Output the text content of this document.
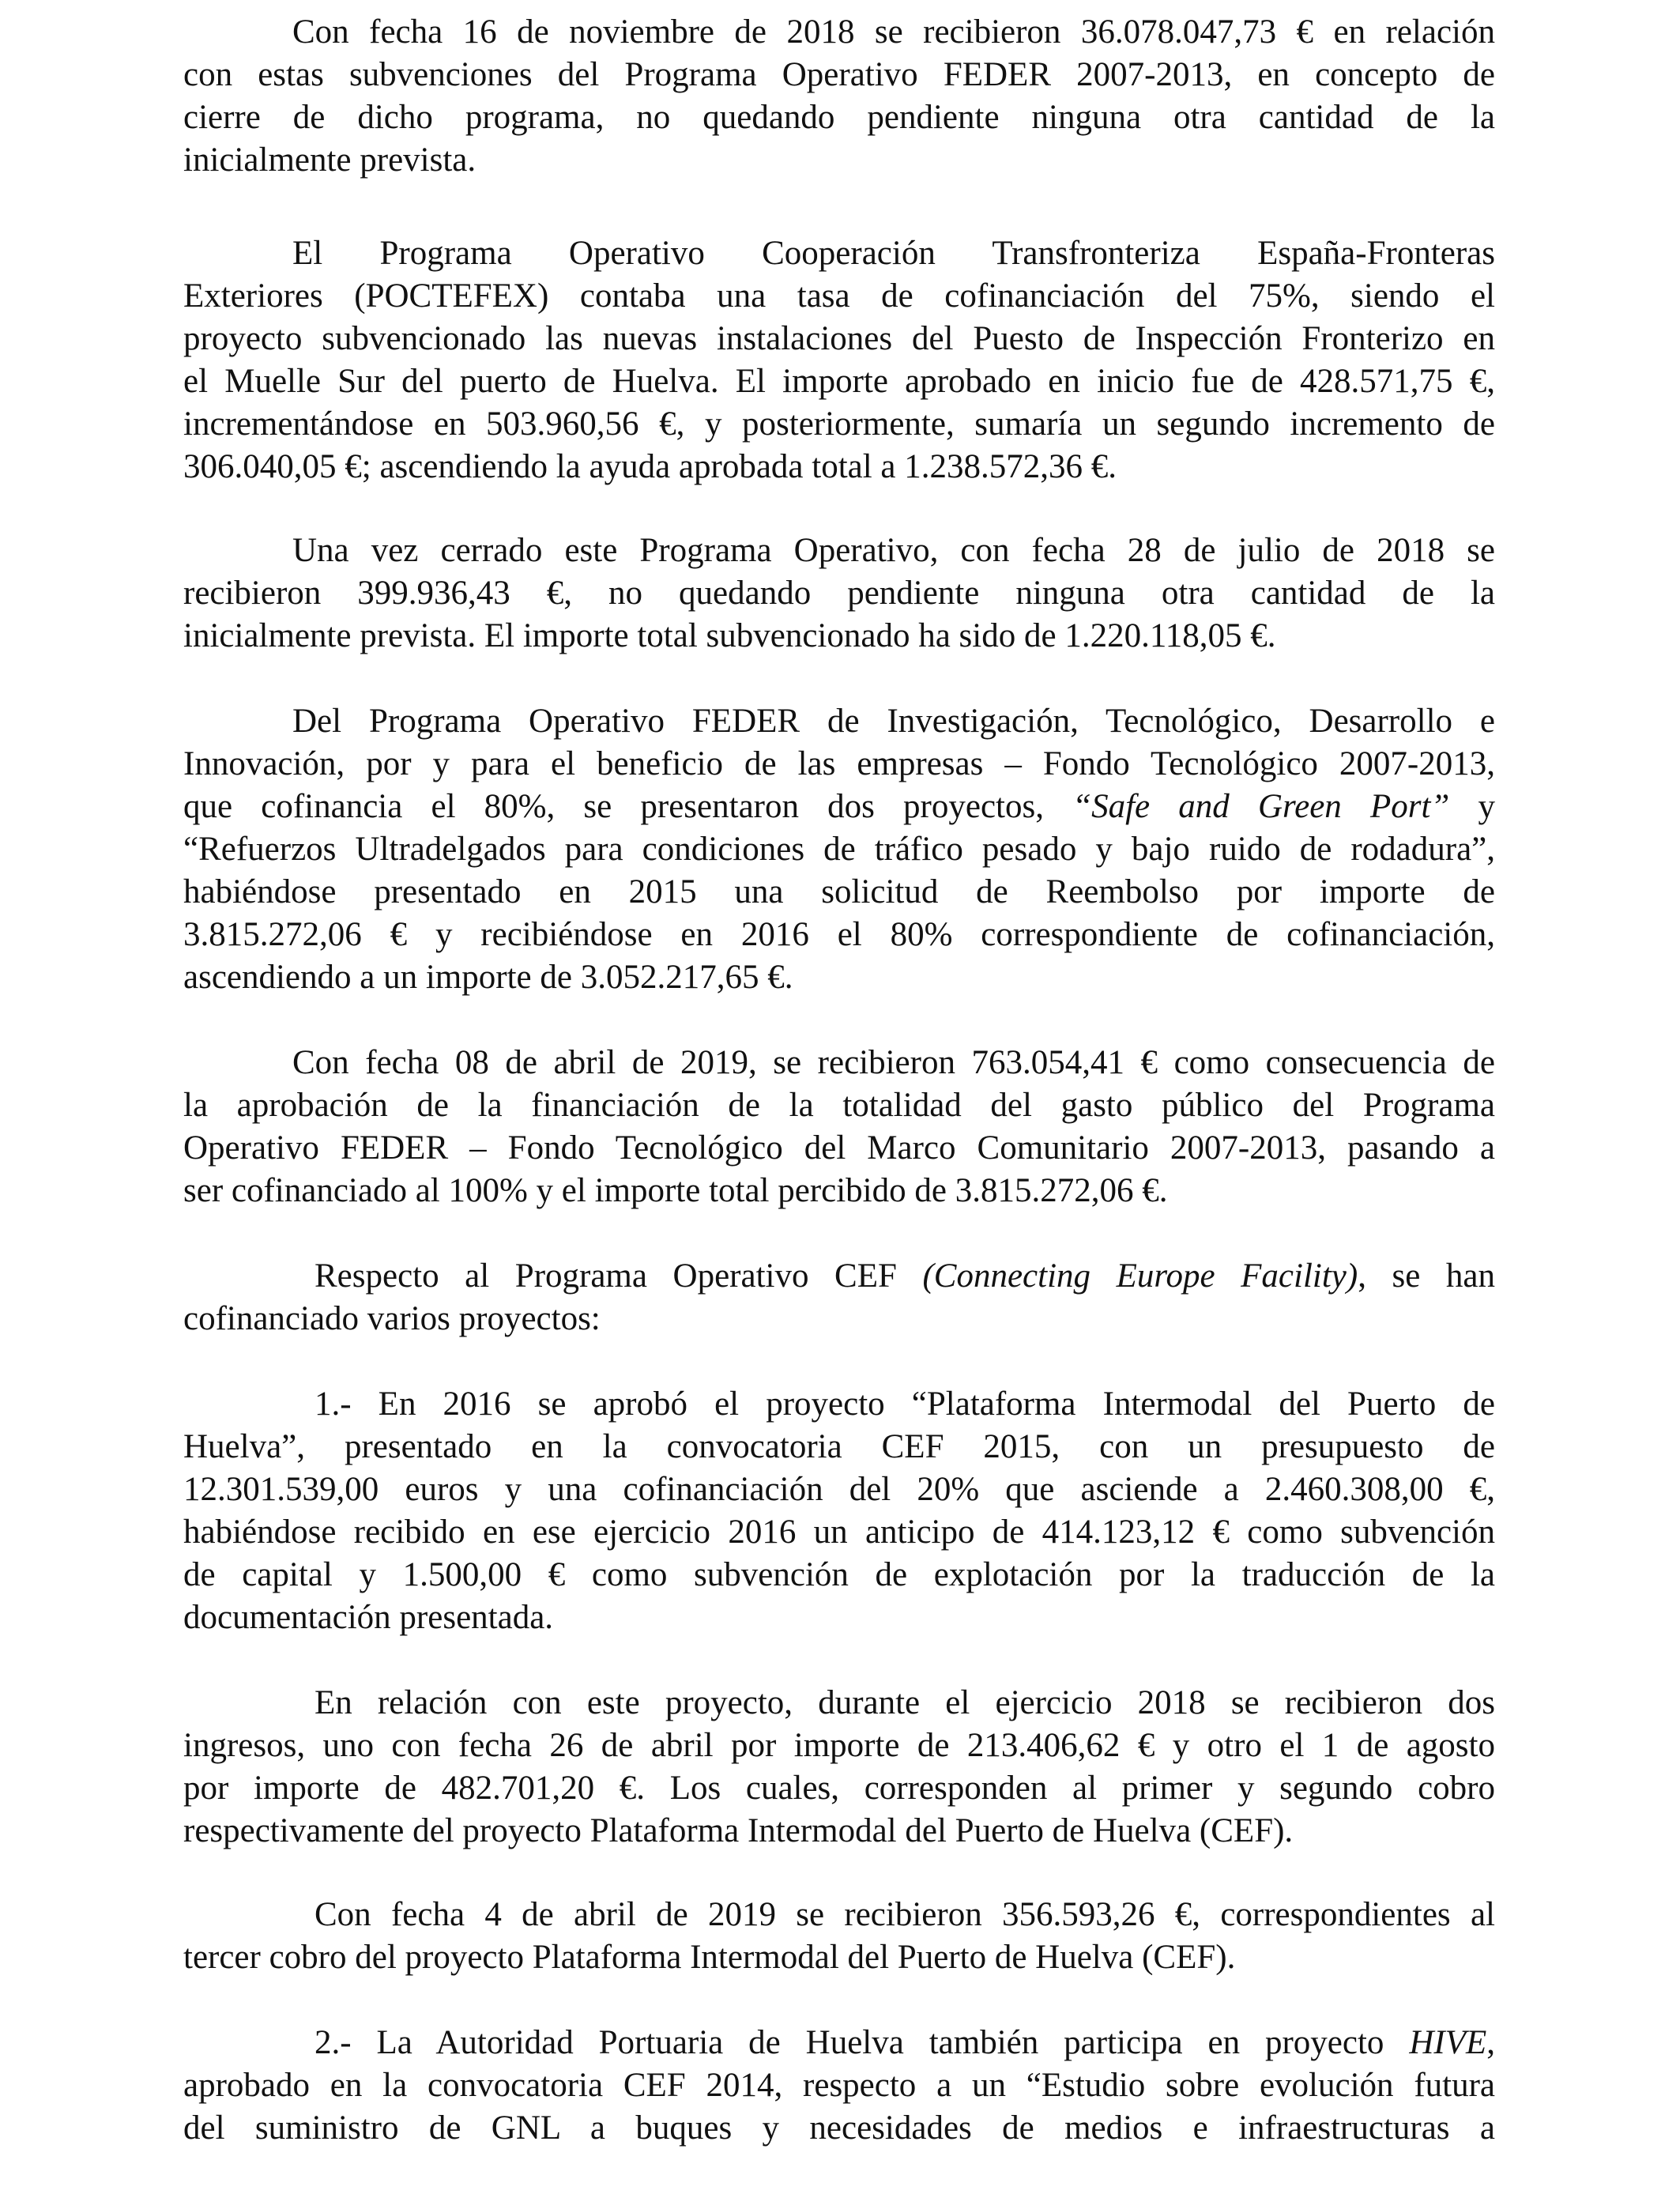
Con fecha 16 de noviembre de 2018 se recibieron 36.078.047,73 € en relación
con estas subvenciones del Programa Operativo FEDER 2007-2013, en concepto de
cierre de dicho programa, no quedando pendiente ninguna otra cantidad de la
inicialmente prevista.
El Programa Operativo Cooperación Transfronteriza España-Fronteras
Exteriores (POCTEFEX) contaba una tasa de cofinanciación del 75%, siendo el
proyecto subvencionado las nuevas instalaciones del Puesto de Inspección Fronterizo en
el Muelle Sur del puerto de Huelva. El importe aprobado en inicio fue de 428.571,75 €,
incrementándose en 503.960,56 €, y posteriormente, sumaría un segundo incremento de
306.040,05 €; ascendiendo la ayuda aprobada total a 1.238.572,36 €.
Una vez cerrado este Programa Operativo, con fecha 28 de julio de 2018 se
recibieron 399.936,43 €, no quedando pendiente ninguna otra cantidad de la
inicialmente prevista. El importe total subvencionado ha sido de 1.220.118,05 €.
Del Programa Operativo FEDER de Investigación, Tecnológico, Desarrollo e
Innovación, por y para el beneficio de las empresas – Fondo Tecnológico 2007-2013,
que cofinancia el 80%, se presentaron dos proyectos, “Safe and Green Port” y
“Refuerzos Ultradelgados para condiciones de tráfico pesado y bajo ruido de rodadura”,
habiéndose presentado en 2015 una solicitud de Reembolso por importe de
3.815.272,06 € y recibiéndose en 2016 el 80% correspondiente de cofinanciación,
ascendiendo a un importe de 3.052.217,65 €.
Con fecha 08 de abril de 2019, se recibieron 763.054,41 € como consecuencia de
la aprobación de la financiación de la totalidad del gasto público del Programa
Operativo FEDER – Fondo Tecnológico del Marco Comunitario 2007-2013, pasando a
ser cofinanciado al 100% y el importe total percibido de 3.815.272,06 €.
Respecto al Programa Operativo CEF (Connecting Europe Facility), se han
cofinanciado varios proyectos:
1.- En 2016 se aprobó el proyecto “Plataforma Intermodal del Puerto de
Huelva”, presentado en la convocatoria CEF 2015, con un presupuesto de
12.301.539,00 euros y una cofinanciación del 20% que asciende a 2.460.308,00 €,
habiéndose recibido en ese ejercicio 2016 un anticipo de 414.123,12 € como subvención
de capital y 1.500,00 € como subvención de explotación por la traducción de la
documentación presentada.
En relación con este proyecto, durante el ejercicio 2018 se recibieron dos
ingresos, uno con fecha 26 de abril por importe de 213.406,62 € y otro el 1 de agosto
por importe de 482.701,20 €. Los cuales, corresponden al primer y segundo cobro
respectivamente del proyecto Plataforma Intermodal del Puerto de Huelva (CEF).
Con fecha 4 de abril de 2019 se recibieron 356.593,26 €, correspondientes al
tercer cobro del proyecto Plataforma Intermodal del Puerto de Huelva (CEF).
2.- La Autoridad Portuaria de Huelva también participa en proyecto HIVE,
aprobado en la convocatoria CEF 2014, respecto a un “Estudio sobre evolución futura
del suministro de GNL a buques y necesidades de medios e infraestructuras a
